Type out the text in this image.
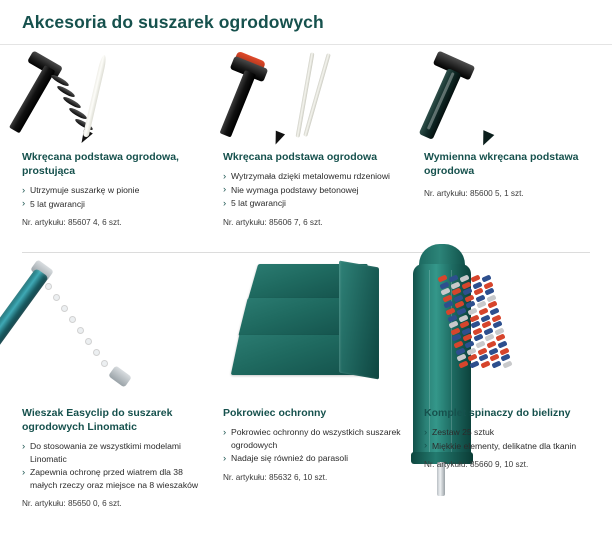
Akcesoria do suszarek ogrodowych
Wkręcana podstawa ogrodowa, prostująca
› Utrzymuje suszarkę w pionie
› 5 lat gwarancji

Nr. artykułu: 85607 4, 6 szt.

Wkręcana podstawa ogrodowa
› Wytrzymała dzięki metalowemu rdzeniowi
› Nie wymaga podstawy betonowej
› 5 lat gwarancji

Nr. artykułu: 85606 7, 6 szt.

Wymienna wkręcana podstawa ogrodowa

Nr. artykułu: 85600 5, 1 szt.

Wieszak Easyclip do suszarek ogrodowych Linomatic
› Do stosowania ze wszystkimi modelami Linomatic
› Zapewnia ochronę przed wiatrem dla 38 małych rzeczy oraz miejsce na 8 wieszaków

Nr. artykułu: 85650 0, 6 szt.

Pokrowiec ochronny
› Pokrowiec ochronny do wszystkich suszarek ogrodowych
› Nadaje się również do parasoli

Nr. artykułu: 85632 6, 10 szt.

Komplet spinaczy do bielizny
› Zestaw 25 sztuk
› Miękkie elementy, delikatne dla tkanin

Nr. artykułu: 85660 9, 10 szt.
